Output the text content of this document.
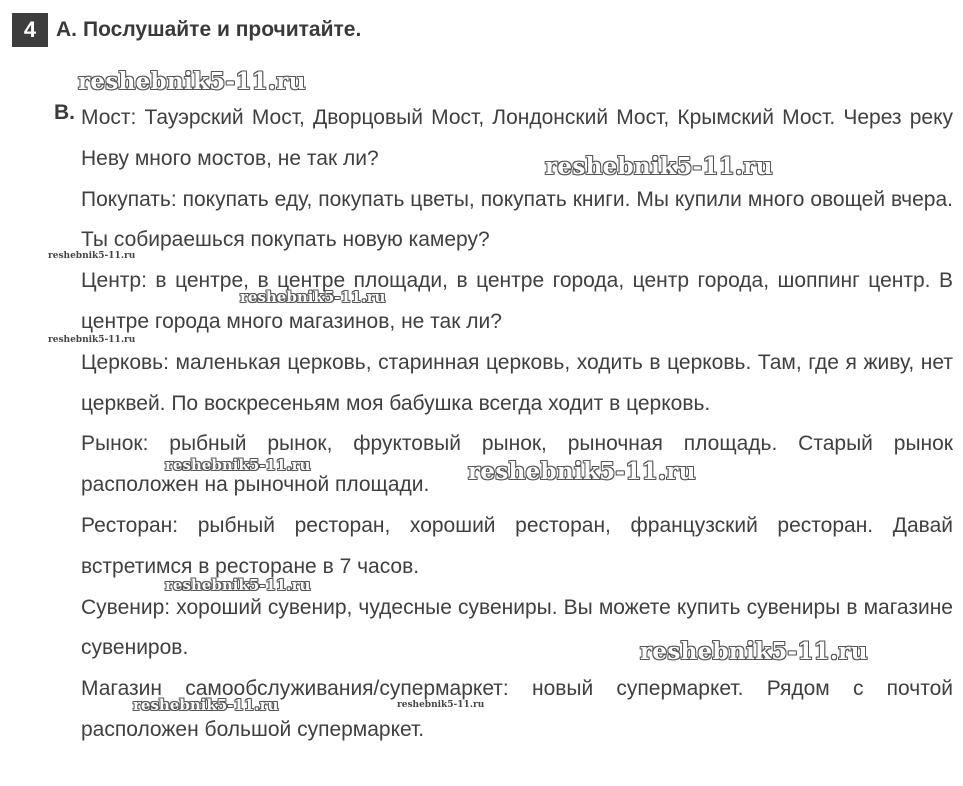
4 A. Послушайте и прочитайте.
B. Мост: Тауэрский Мост, Дворцовый Мост, Лондонский Мост, Крымский Мост. Через реку Неву много мостов, не так ли?

Покупать: покупать еду, покупать цветы, покупать книги. Мы купили много овощей вчера. Ты собираешься покупать новую камеру?

Центр: в центре, в центре площади, в центре города, центр города, шоппинг центр. В центре города много магазинов, не так ли?

Церковь: маленькая церковь, старинная церковь, ходить в церковь. Там, где я живу, нет церквей. По воскресеньям моя бабушка всегда ходит в церковь.

Рынок: рыбный рынок, фруктовый рынок, рыночная площадь. Старый рынок расположен на рыночной площади.

Ресторан: рыбный ресторан, хороший ресторан, французский ресторан. Давай встретимся в ресторане в 7 часов.

Сувенир: хороший сувенир, чудесные сувениры. Вы можете купить сувениры в магазине сувениров.

Магазин самообслуживания/супермаркет: новый супермаркет. Рядом с почтой расположен большой супермаркет.

reshebnik5-11.ru
reshebnik5-11.ru
reshebnik5-11.ru
reshebnik5-11.ru
reshebnik5-11.ru
reshebnik5-11.ru	reshebnik5-11.ru
reshebnik5-11.ru
reshebnik5-11.ru
reshebnik5-11.ru	reshebnik5-11.ru
